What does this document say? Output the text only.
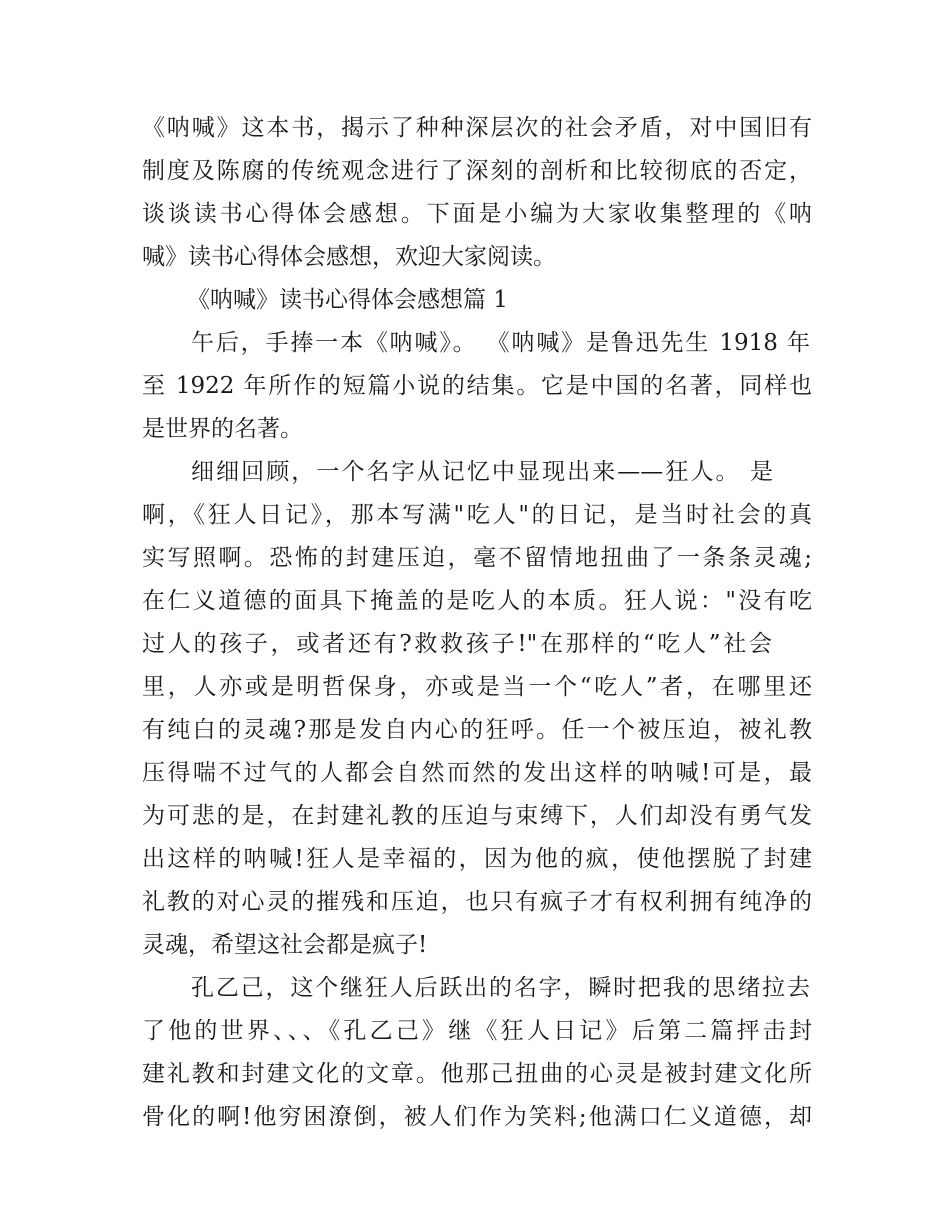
《呐喊》这本书，揭示了种种深层次的社会矛盾，对中国旧有
制度及陈腐的传统观念进行了深刻的剖析和比较彻底的否定，
谈谈读书心得体会感想。下面是小编为大家收集整理的《呐
喊》读书心得体会感想，欢迎大家阅读。
《呐喊》读书心得体会感想篇 1
午后，手捧一本《呐喊》。 《呐喊》是鲁迅先生 1918 年
至 1922 年所作的短篇小说的结集。它是中国的名著，同样也
是世界的名著。
细细回顾，一个名字从记忆中显现出来——狂人。 是
啊，《狂人日记》，那本写满"吃人"的日记，是当时社会的真
实写照啊。恐怖的封建压迫，毫不留情地扭曲了一条条灵魂;
在仁义道德的面具下掩盖的是吃人的本质。狂人说："没有吃
过人的孩子，或者还有?救救孩子!"在那样的“吃人”社会
里，人亦或是明哲保身，亦或是当一个“吃人”者，在哪里还
有纯白的灵魂?那是发自内心的狂呼。任一个被压迫，被礼教
压得喘不过气的人都会自然而然的发出这样的呐喊!可是，最
为可悲的是，在封建礼教的压迫与束缚下，人们却没有勇气发
出这样的呐喊!狂人是幸福的，因为他的疯，使他摆脱了封建
礼教的对心灵的摧残和压迫，也只有疯子才有权利拥有纯净的
灵魂，希望这社会都是疯子!
孔乙己，这个继狂人后跃出的名字，瞬时把我的思绪拉去
了他的世界、、、《孔乙己》继《狂人日记》后第二篇抨击封
建礼教和封建文化的文章。他那己扭曲的心灵是被封建文化所
骨化的啊!他穷困潦倒，被人们作为笑料;他满口仁义道德，却
